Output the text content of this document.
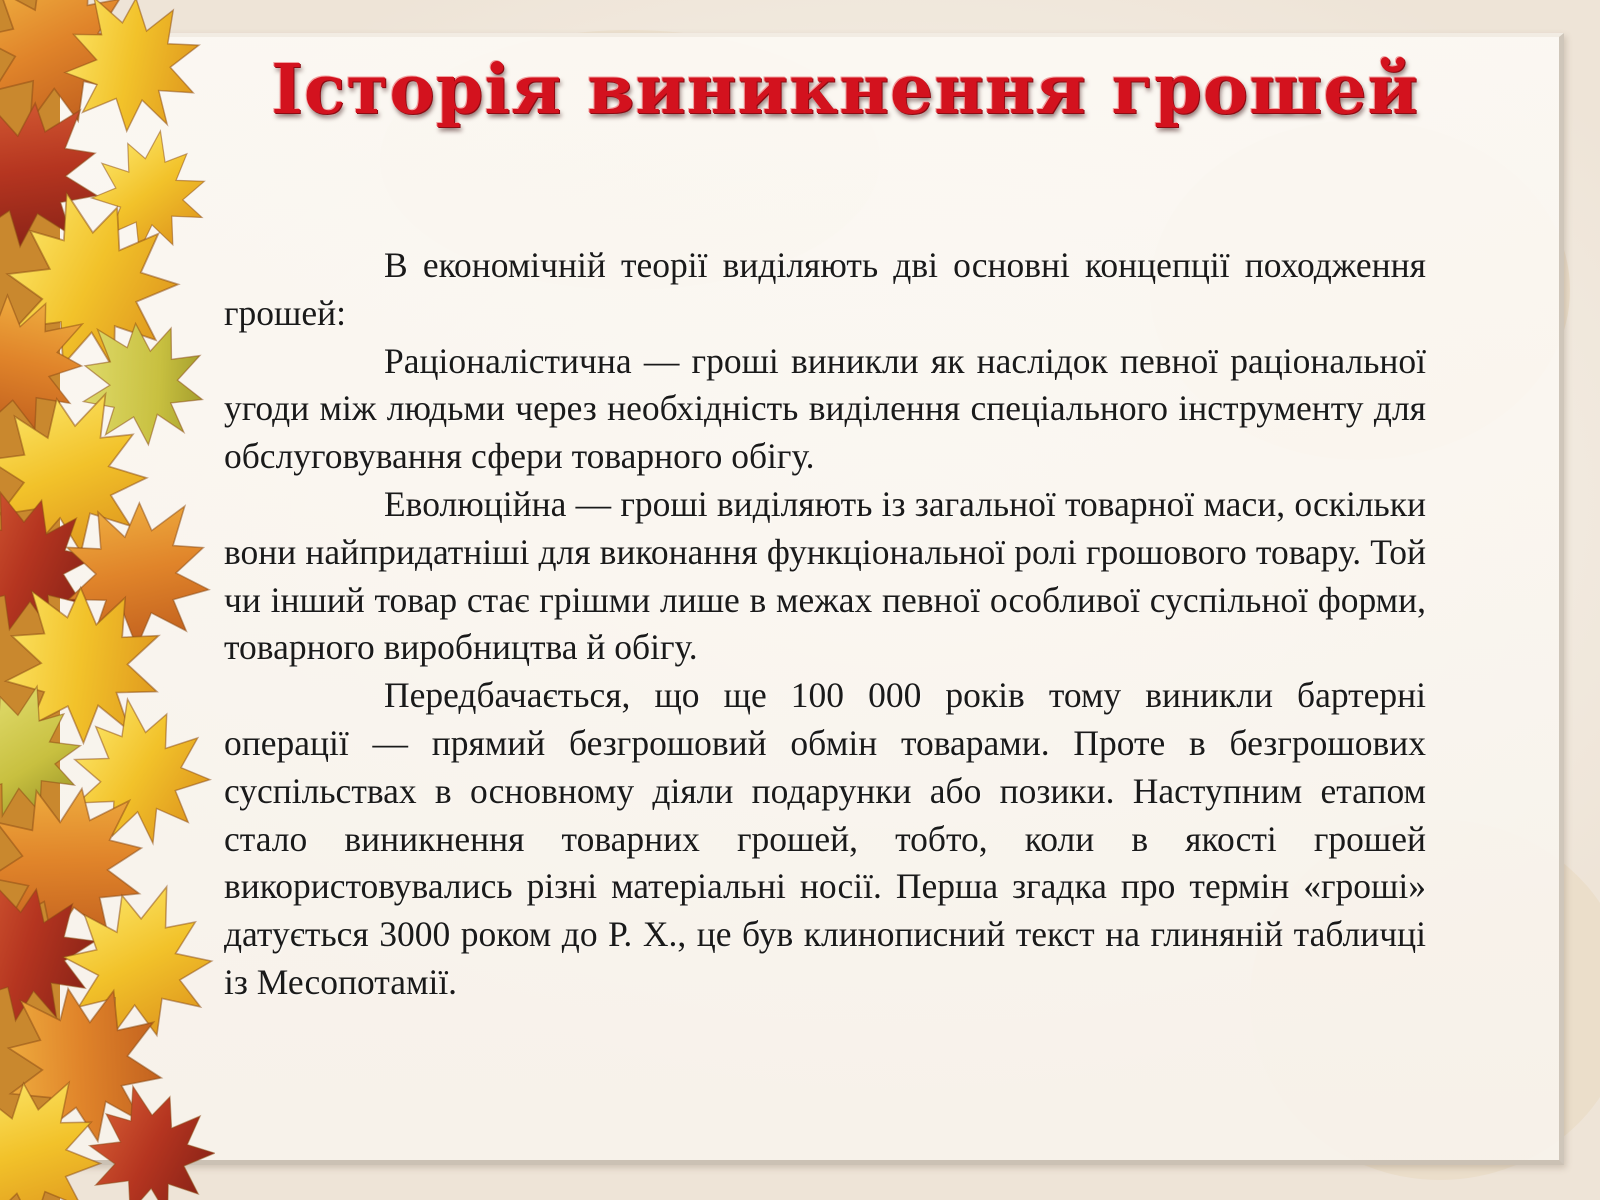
Історія виникнення грошей

В економічній теорії виділяють дві основні концепції походження грошей:

Раціоналістична — гроші виникли як наслідок певної раціональної угоди між людьми через необхідність виділення спеціального інструменту для обслуговування сфери товарного обігу.

Еволюційна — гроші виділяють із загальної товарної маси, оскільки вони найпридатніші для виконання функціональної ролі грошового товару. Той чи інший товар стає грішми лише в межах певної особливої суспільної форми, товарного виробництва й обігу.

Передбачається, що ще 100 000 років тому виникли бартерні операції — прямий безгрошовий обмін товарами. Проте в безгрошових суспільствах в основному діяли подарунки або позики. Наступним етапом стало виникнення товарних грошей, тобто, коли в якості грошей використовувались різні матеріальні носії. Перша згадка про термін «гроші» датується 3000 роком до Р. Х., це був клинописний текст на глиняній табличці із Месопотамії.
